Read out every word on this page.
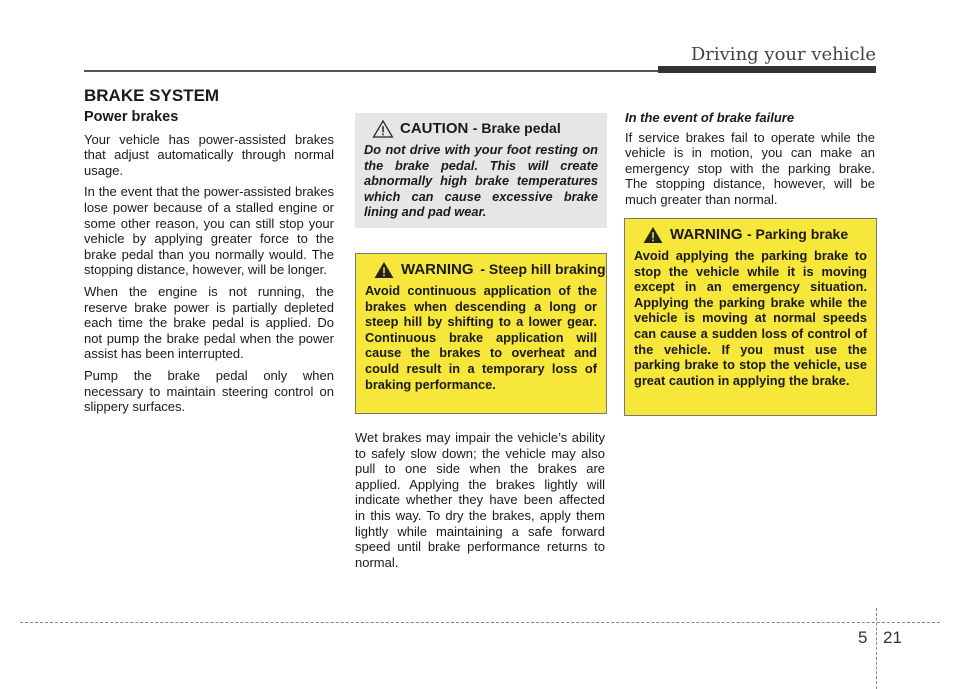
Driving your vehicle
BRAKE SYSTEM
Power brakes

Your vehicle has power-assisted brakes that adjust automatically through normal usage.

In the event that the power-assisted brakes lose power because of a stalled engine or some other reason, you can still stop your vehicle by applying greater force to the brake pedal than you normally would. The stopping distance, however, will be longer.

When the engine is not running, the reserve brake power is partially depleted each time the brake pedal is applied. Do not pump the brake pedal when the power assist has been interrupted.

Pump the brake pedal only when necessary to maintain steering control on slippery surfaces.

CAUTION
- Brake pedal
Do not drive with your foot resting on the brake pedal. This will create abnormally high brake temperatures which can cause excessive brake lining and pad wear.
WARNING - Steep hill braking
Avoid continuous application of the brakes when descending a long or steep hill by shifting to a lower gear. Continuous brake application will cause the brakes to overheat and could result in a temporary loss of braking performance.

Wet brakes may impair the vehicle’s ability to safely slow down; the vehicle may also pull to one side when the brakes are applied. Applying the brakes lightly will indicate whether they have been affected in this way. To dry the brakes, apply them lightly while maintaining a safe forward speed until brake performance returns to normal.

In the event of brake failure

If service brakes fail to operate while the vehicle is in motion, you can make an emergency stop with the parking brake. The stopping distance, however, will be much greater than normal.

WARNING
- Parking brake
Avoid applying the parking brake to stop the vehicle while it is moving except in an emergency situation. Applying the parking brake while the vehicle is moving at normal speeds can cause a sudden loss of control of the vehicle. If you must use the parking brake to stop the vehicle, use great caution in applying the brake.
5 21
